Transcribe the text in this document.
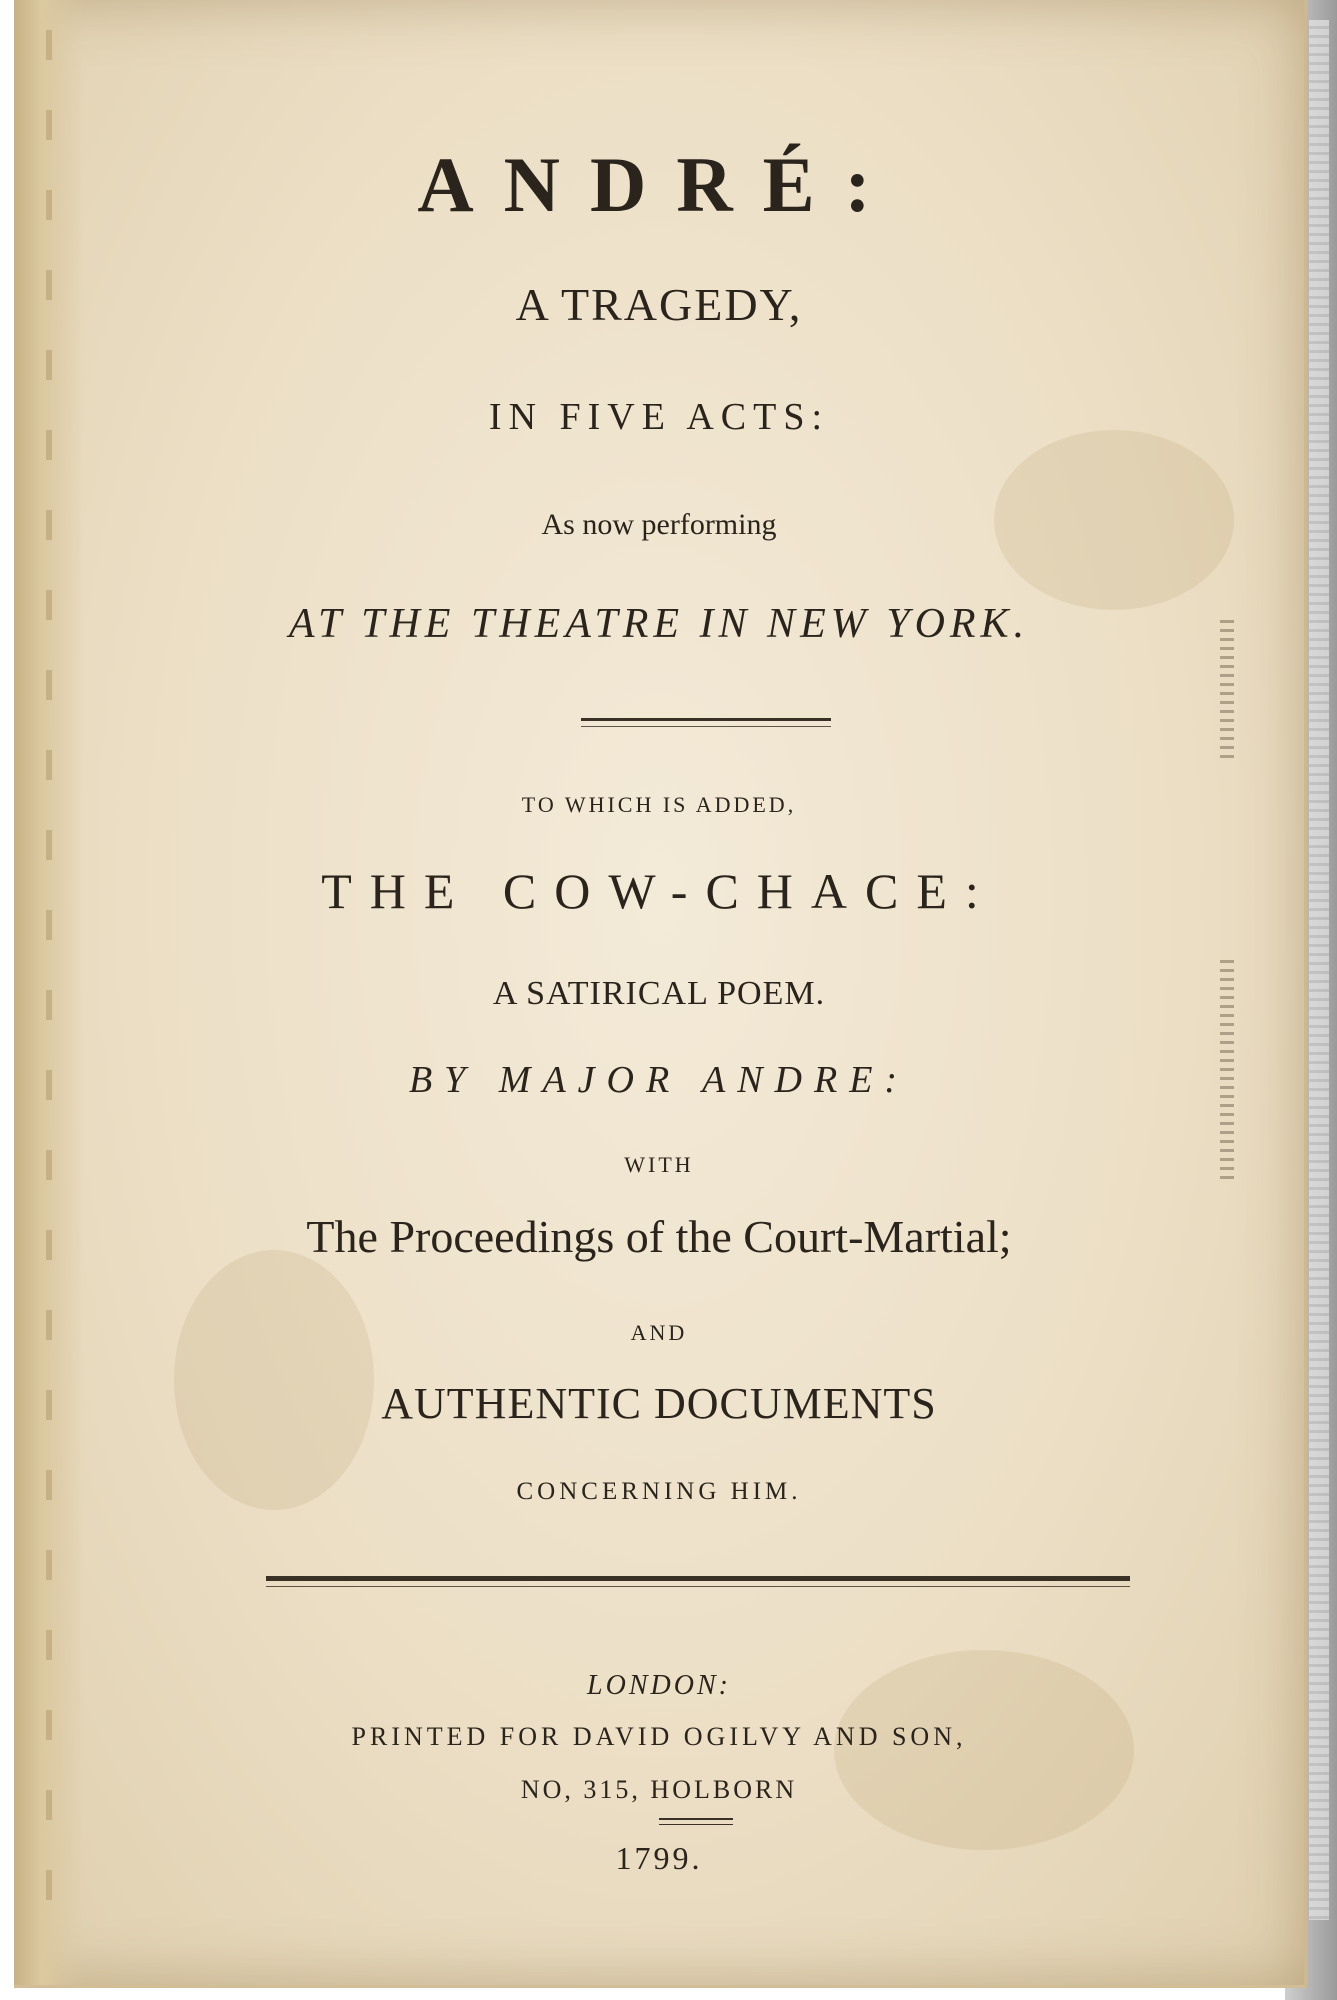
ANDRÉ:
A TRAGEDY,
IN FIVE ACTS:
As now performing
AT THE THEATRE IN NEW YORK.
TO WHICH IS ADDED,
THE COW-CHACE:
A SATIRICAL POEM.
BY MAJOR ANDRE:
WITH
The Proceedings of the Court-Martial;
AND
AUTHENTIC DOCUMENTS
CONCERNING HIM.
LONDON:
PRINTED FOR DAVID OGILVY AND SON,
NO, 315, HOLBORN
1799.
